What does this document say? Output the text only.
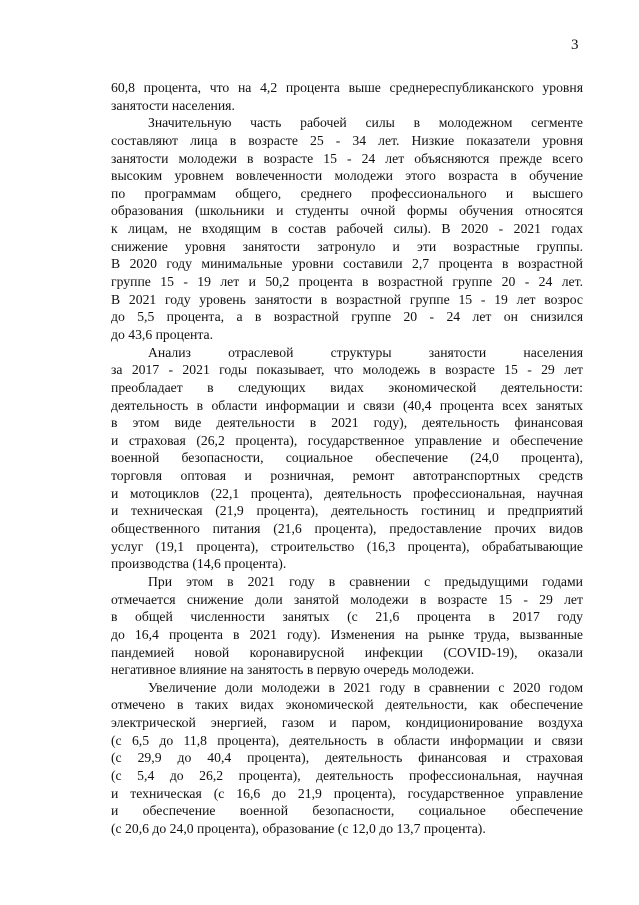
3
60,8 процента, что на 4,2 процента выше среднереспубликанского уровня
занятости населения.
Значительную часть рабочей силы в молодежном сегменте
составляют лица в возрасте 25 - 34 лет. Низкие показатели уровня
занятости молодежи в возрасте 15 - 24 лет объясняются прежде всего
высоким уровнем вовлеченности молодежи этого возраста в обучение
по программам общего, среднего профессионального и высшего
образования (школьники и студенты очной формы обучения относятся
к лицам, не входящим в состав рабочей силы). В 2020 - 2021 годах
снижение уровня занятости затронуло и эти возрастные группы.
В 2020 году минимальные уровни составили 2,7 процента в возрастной
группе 15 - 19 лет и 50,2 процента в возрастной группе 20 - 24 лет.
В 2021 году уровень занятости в возрастной группе 15 - 19 лет возрос
до 5,5 процента, а в возрастной группе 20 - 24 лет он снизился
до 43,6 процента.
Анализ отраслевой структуры занятости населения
за 2017 - 2021 годы показывает, что молодежь в возрасте 15 - 29 лет
преобладает в следующих видах экономической деятельности:
деятельность в области информации и связи (40,4 процента всех занятых
в этом виде деятельности в 2021 году), деятельность финансовая
и страховая (26,2 процента), государственное управление и обеспечение
военной безопасности, социальное обеспечение (24,0 процента),
торговля оптовая и розничная, ремонт автотранспортных средств
и мотоциклов (22,1 процента), деятельность профессиональная, научная
и техническая (21,9 процента), деятельность гостиниц и предприятий
общественного питания (21,6 процента), предоставление прочих видов
услуг (19,1 процента), строительство (16,3 процента), обрабатывающие
производства (14,6 процента).
При этом в 2021 году в сравнении с предыдущими годами
отмечается снижение доли занятой молодежи в возрасте 15 - 29 лет
в общей численности занятых (с 21,6 процента в 2017 году
до 16,4 процента в 2021 году). Изменения на рынке труда, вызванные
пандемией новой коронавирусной инфекции (COVID-19), оказали
негативное влияние на занятость в первую очередь молодежи.
Увеличение доли молодежи в 2021 году в сравнении с 2020 годом
отмечено в таких видах экономической деятельности, как обеспечение
электрической энергией, газом и паром, кондиционирование воздуха
(с 6,5 до 11,8 процента), деятельность в области информации и связи
(с 29,9 до 40,4 процента), деятельность финансовая и страховая
(с 5,4 до 26,2 процента), деятельность профессиональная, научная
и техническая (с 16,6 до 21,9 процента), государственное управление
и обеспечение военной безопасности, социальное обеспечение
(с 20,6 до 24,0 процента), образование (с 12,0 до 13,7 процента).
